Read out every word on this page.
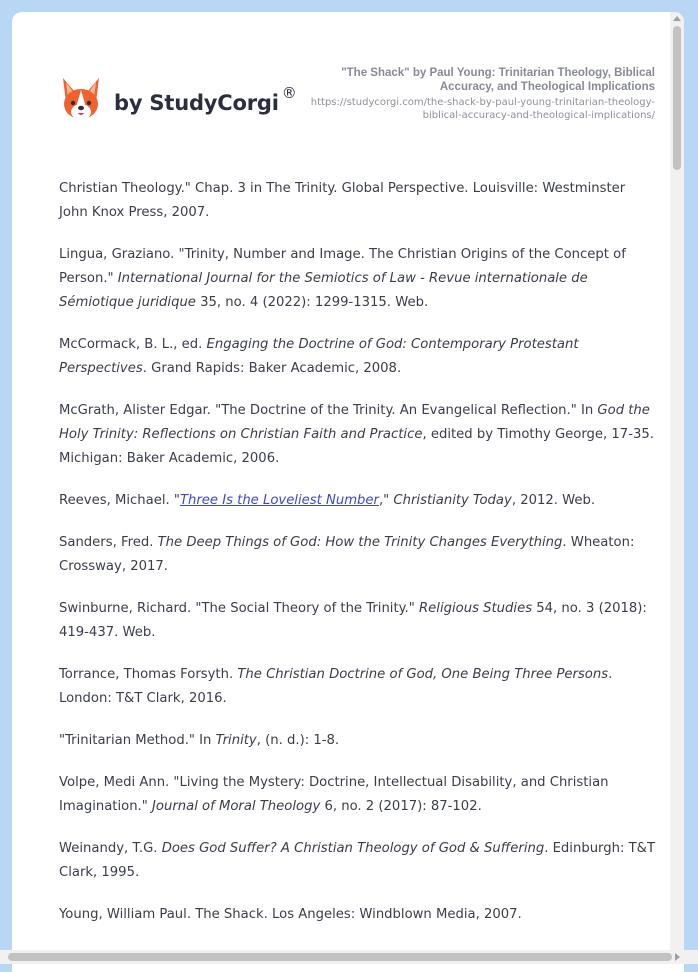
by StudyCorgi ®
"The Shack" by Paul Young: Trinitarian Theology, Biblical Accuracy, and Theological Implications
https://studycorgi.com/the-shack-by-paul-young-trinitarian-theology-biblical-accuracy-and-theological-implications/

Christian Theology." Chap. 3 in The Trinity. Global Perspective. Louisville: Westminster John Knox Press, 2007.

Lingua, Graziano. "Trinity, Number and Image. The Christian Origins of the Concept of Person." International Journal for the Semiotics of Law - Revue internationale de Sémiotique juridique 35, no. 4 (2022): 1299-1315. Web.

McCormack, B. L., ed. Engaging the Doctrine of God: Contemporary Protestant Perspectives. Grand Rapids: Baker Academic, 2008.

McGrath, Alister Edgar. "The Doctrine of the Trinity. An Evangelical Reflection." In God the Holy Trinity: Reflections on Christian Faith and Practice, edited by Timothy George, 17-35. Michigan: Baker Academic, 2006.

Reeves, Michael. "Three Is the Loveliest Number," Christianity Today, 2012. Web.

Sanders, Fred. The Deep Things of God: How the Trinity Changes Everything. Wheaton: Crossway, 2017.

Swinburne, Richard. "The Social Theory of the Trinity." Religious Studies 54, no. 3 (2018): 419-437. Web.

Torrance, Thomas Forsyth. The Christian Doctrine of God, One Being Three Persons. London: T&T Clark, 2016.

"Trinitarian Method." In Trinity, (n. d.): 1-8.

Volpe, Medi Ann. "Living the Mystery: Doctrine, Intellectual Disability, and Christian Imagination." Journal of Moral Theology 6, no. 2 (2017): 87-102.

Weinandy, T.G. Does God Suffer? A Christian Theology of God & Suffering. Edinburgh: T&T Clark, 1995.

Young, William Paul. The Shack. Los Angeles: Windblown Media, 2007.
